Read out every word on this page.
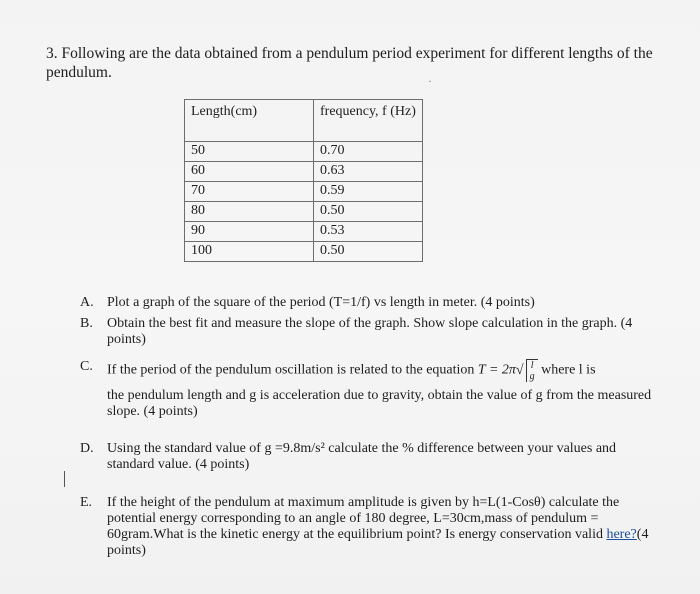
3. Following are the data obtained from a pendulum period experiment for different lengths of the pendulum.	·
Length(cm)	frequency, f (Hz)
50	0.70
60	0.63
70	0.59
80	0.50
90	0.53
100	0.50
A. Plot a graph of the square of the period (T=1/f) vs length in meter. (4 points)
B. Obtain the best fit and measure the slope of the graph. Show slope calculation in the graph. (4 points)
C. If the period of the pendulum oscillation is related to the equation T = 2π√ l
g where l is
the pendulum length and g is acceleration due to gravity, obtain the value of g from the measured slope. (4 points)
D. Using the standard value of g =9.8m/s² calculate the % difference between your values and standard value. (4 points)
E. If the height of the pendulum at maximum amplitude is given by h=L(1-Cosθ) calculate the potential energy corresponding to an angle of 180 degree, L=30cm,mass of pendulum = 60gram.What is the kinetic energy at the equilibrium point? Is energy conservation valid here?(4 points)
